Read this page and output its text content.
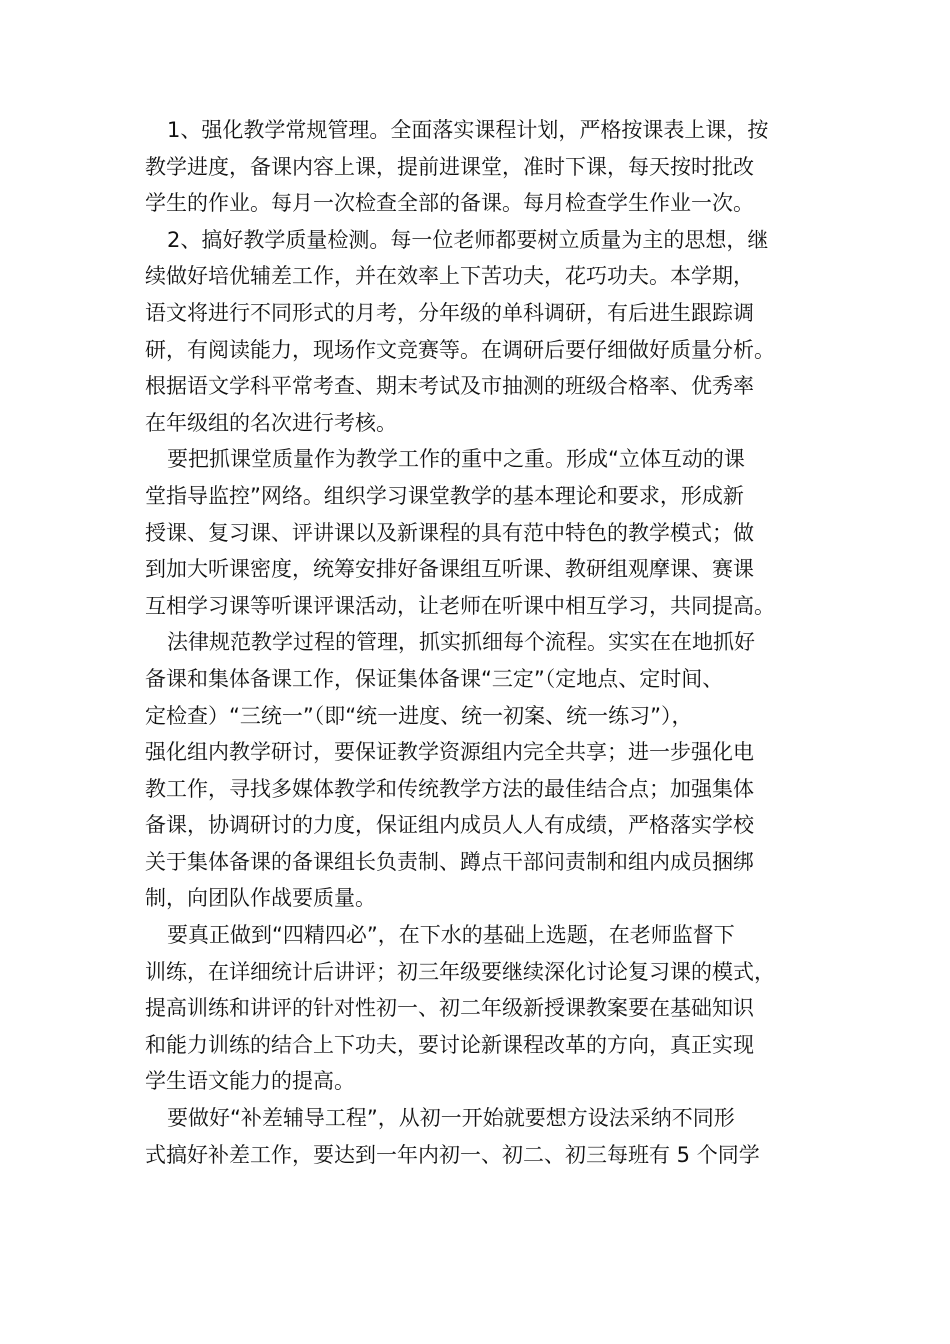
1、强化教学常规管理。全面落实课程计划，严格按课表上课，按
教学进度，备课内容上课，提前进课堂，准时下课，每天按时批改
学生的作业。每月一次检查全部的备课。每月检查学生作业一次。
2、搞好教学质量检测。每一位老师都要树立质量为主的思想，继
续做好培优辅差工作，并在效率上下苦功夫，花巧功夫。本学期，
语文将进行不同形式的月考，分年级的单科调研，有后进生跟踪调
研，有阅读能力，现场作文竞赛等。在调研后要仔细做好质量分析。
根据语文学科平常考查、期末考试及市抽测的班级合格率、优秀率
在年级组的名次进行考核。
要把抓课堂质量作为教学工作的重中之重。形成“立体互动的课
堂指导监控”网络。组织学习课堂教学的基本理论和要求，形成新
授课、复习课、评讲课以及新课程的具有范中特色的教学模式；做
到加大听课密度，统筹安排好备课组互听课、教研组观摩课、赛课
互相学习课等听课评课活动，让老师在听课中相互学习，共同提高。
法律规范教学过程的管理，抓实抓细每个流程。实实在在地抓好
备课和集体备课工作，保证集体备课“三定”（定地点、定时间、
定检查）“三统一”（即“统一进度、统一初案、统一练习”），
强化组内教学研讨，要保证教学资源组内完全共享；进一步强化电
教工作，寻找多媒体教学和传统教学方法的最佳结合点；加强集体
备课，协调研讨的力度，保证组内成员人人有成绩，严格落实学校
关于集体备课的备课组长负责制、蹲点干部问责制和组内成员捆绑
制，向团队作战要质量。
要真正做到“四精四必”，在下水的基础上选题，在老师监督下
训练，在详细统计后讲评；初三年级要继续深化讨论复习课的模式，
提高训练和讲评的针对性初一、初二年级新授课教案要在基础知识
和能力训练的结合上下功夫，要讨论新课程改革的方向，真正实现
学生语文能力的提高。
要做好“补差辅导工程”，从初一开始就要想方设法采纳不同形
式搞好补差工作，要达到一年内初一、初二、初三每班有 5 个同学
